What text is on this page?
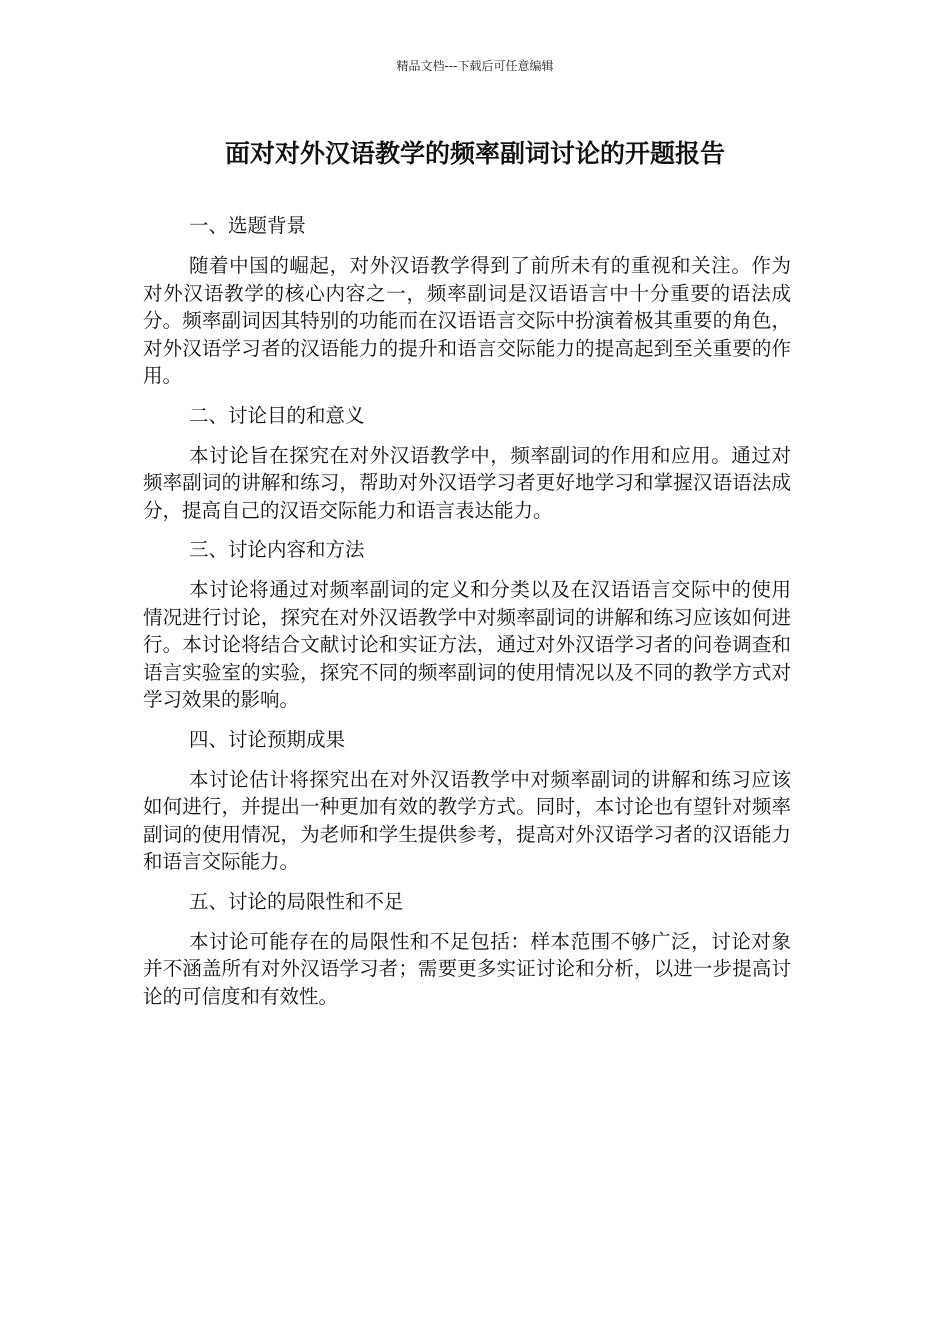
精品文档---下载后可任意编辑
面对对外汉语教学的频率副词讨论的开题报告

一、选题背景

随着中国的崛起，对外汉语教学得到了前所未有的重视和关注。作为对外汉语教学的核心内容之一，频率副词是汉语语言中十分重要的语法成分。频率副词因其特别的功能而在汉语语言交际中扮演着极其重要的角色，对外汉语学习者的汉语能力的提升和语言交际能力的提高起到至关重要的作用。

二、讨论目的和意义

本讨论旨在探究在对外汉语教学中，频率副词的作用和应用。通过对频率副词的讲解和练习，帮助对外汉语学习者更好地学习和掌握汉语语法成分，提高自己的汉语交际能力和语言表达能力。

三、讨论内容和方法

本讨论将通过对频率副词的定义和分类以及在汉语语言交际中的使用情况进行讨论，探究在对外汉语教学中对频率副词的讲解和练习应该如何进行。本讨论将结合文献讨论和实证方法，通过对外汉语学习者的问卷调查和语言实验室的实验，探究不同的频率副词的使用情况以及不同的教学方式对学习效果的影响。

四、讨论预期成果

本讨论估计将探究出在对外汉语教学中对频率副词的讲解和练习应该如何进行，并提出一种更加有效的教学方式。同时，本讨论也有望针对频率副词的使用情况，为老师和学生提供参考，提高对外汉语学习者的汉语能力和语言交际能力。

五、讨论的局限性和不足

本讨论可能存在的局限性和不足包括：样本范围不够广泛，讨论对象并不涵盖所有对外汉语学习者；需要更多实证讨论和分析，以进一步提高讨论的可信度和有效性。
